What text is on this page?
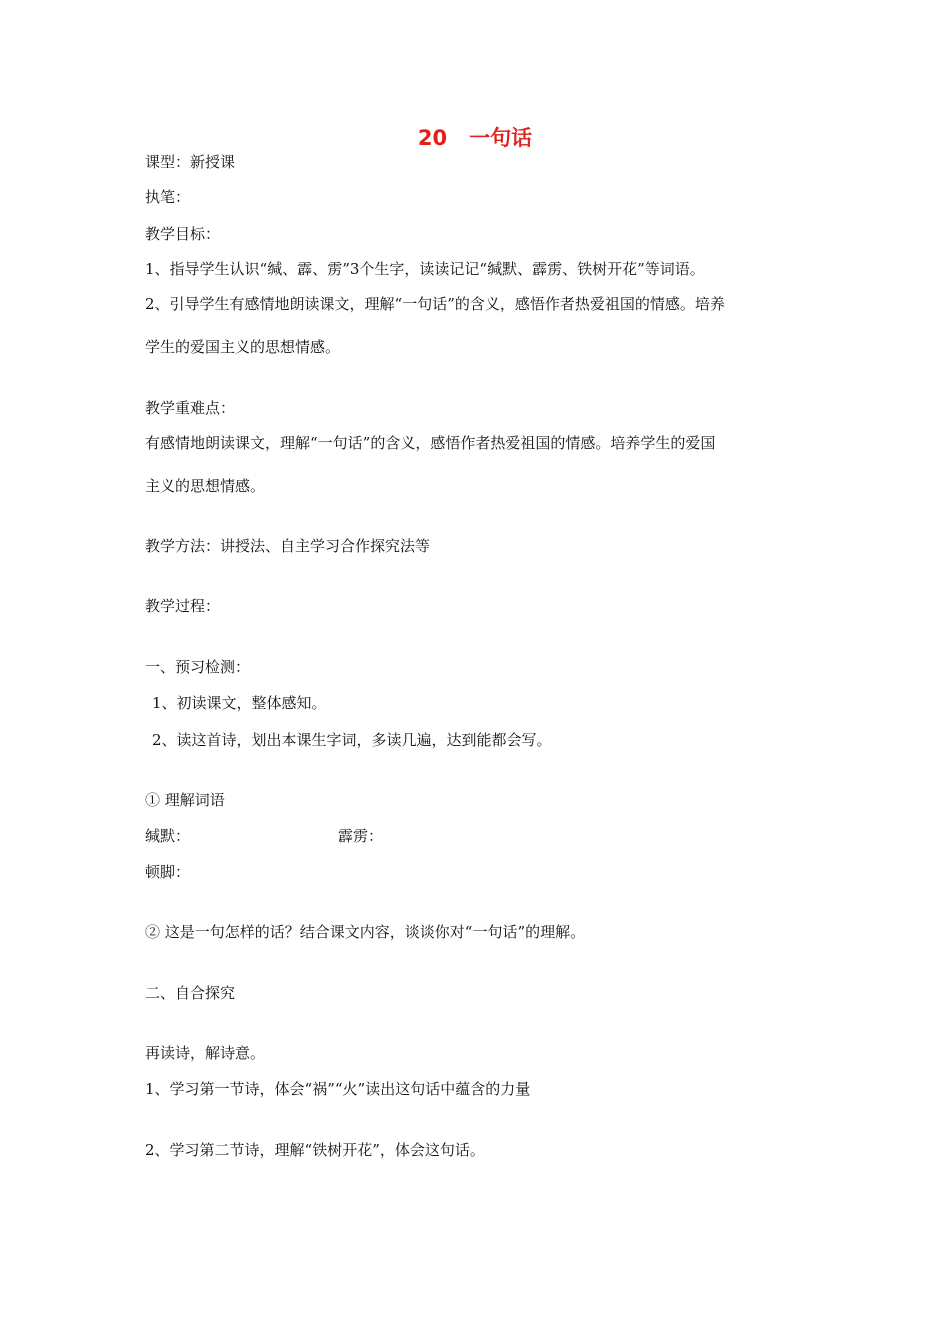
20   一句话
课型：新授课
执笔：
教学目标：
1、指导学生认识“缄、霹、雳”3个生字，读读记记“缄默、霹雳、铁树开花”等词语。
2、引导学生有感情地朗读课文，理解“一句话”的含义，感悟作者热爱祖国的情感。培养
学生的爱国主义的思想情感。
教学重难点：
有感情地朗读课文，理解“一句话”的含义，感悟作者热爱祖国的情感。培养学生的爱国
主义的思想情感。
教学方法：讲授法、自主学习合作探究法等
教学过程：
一、预习检测：
1、初读课文，整体感知。
2、读这首诗，划出本课生字词，多读几遍，达到能都会写。
① 理解词语
缄默：	霹雳：
顿脚：
② 这是一句怎样的话？结合课文内容，谈谈你对“一句话”的理解。
二、自合探究
再读诗，解诗意。
1、学习第一节诗，体会“祸”“火”读出这句话中蕴含的力量
2、学习第二节诗，理解“铁树开花”，体会这句话。
